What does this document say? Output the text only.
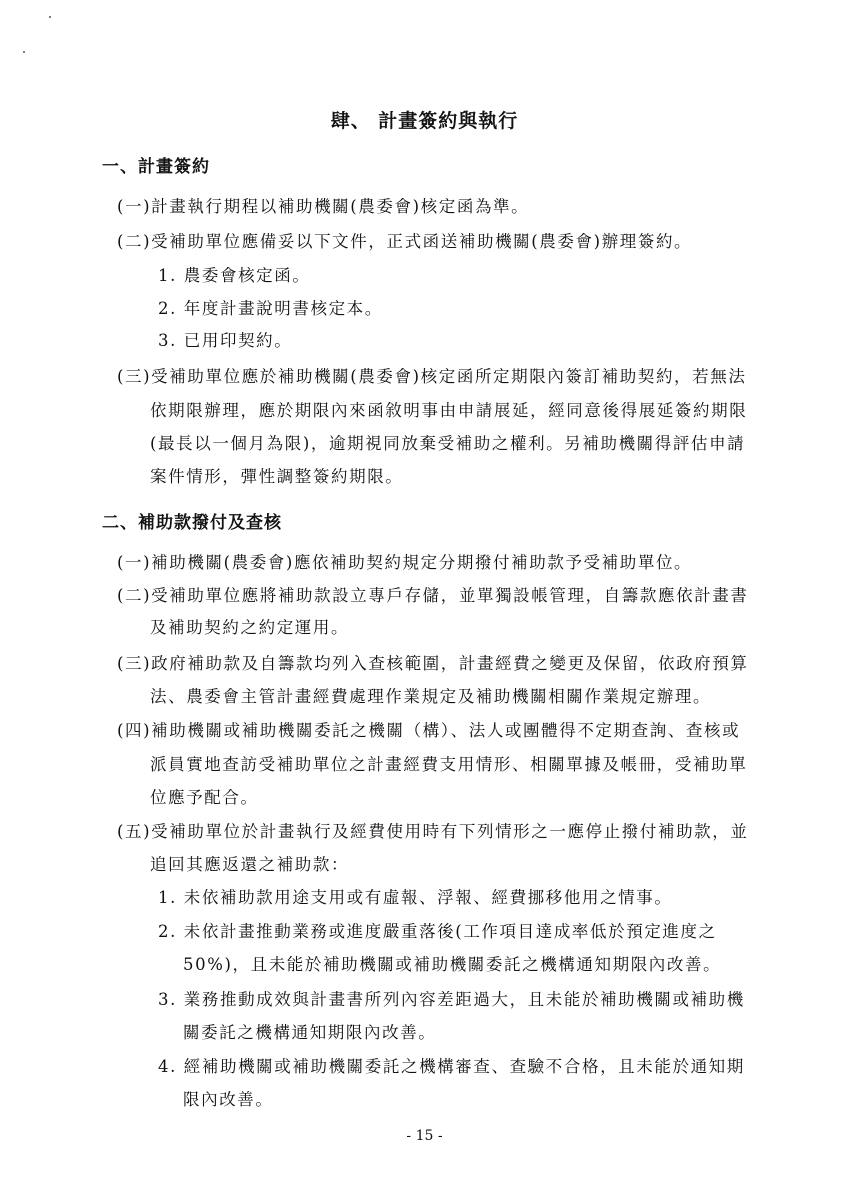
肆、 計畫簽約與執行
一、計畫簽約
(一)計畫執行期程以補助機關(農委會)核定函為準。
(二)受補助單位應備妥以下文件，正式函送補助機關(農委會)辦理簽約。
1. 農委會核定函。
2. 年度計畫說明書核定本。
3. 已用印契約。
(三)受補助單位應於補助機關(農委會)核定函所定期限內簽訂補助契約，若無法
依期限辦理，應於期限內來函敘明事由申請展延，經同意後得展延簽約期限
(最長以一個月為限)，逾期視同放棄受補助之權利。另補助機關得評估申請
案件情形，彈性調整簽約期限。
二、補助款撥付及查核
(一)補助機關(農委會)應依補助契約規定分期撥付補助款予受補助單位。
(二)受補助單位應將補助款設立專戶存儲，並單獨設帳管理，自籌款應依計畫書
及補助契約之約定運用。
(三)政府補助款及自籌款均列入查核範圍，計畫經費之變更及保留，依政府預算
法、農委會主管計畫經費處理作業規定及補助機關相關作業規定辦理。
(四)補助機關或補助機關委託之機關（構）、法人或團體得不定期查詢、查核或
派員實地查訪受補助單位之計畫經費支用情形、相關單據及帳冊，受補助單
位應予配合。
(五)受補助單位於計畫執行及經費使用時有下列情形之一應停止撥付補助款，並
追回其應返還之補助款：
1. 未依補助款用途支用或有虛報、浮報、經費挪移他用之情事。
2. 未依計畫推動業務或進度嚴重落後(工作項目達成率低於預定進度之
50%)，且未能於補助機關或補助機關委託之機構通知期限內改善。
3. 業務推動成效與計畫書所列內容差距過大，且未能於補助機關或補助機
關委託之機構通知期限內改善。
4. 經補助機關或補助機關委託之機構審查、查驗不合格，且未能於通知期
限內改善。
- 15 -
